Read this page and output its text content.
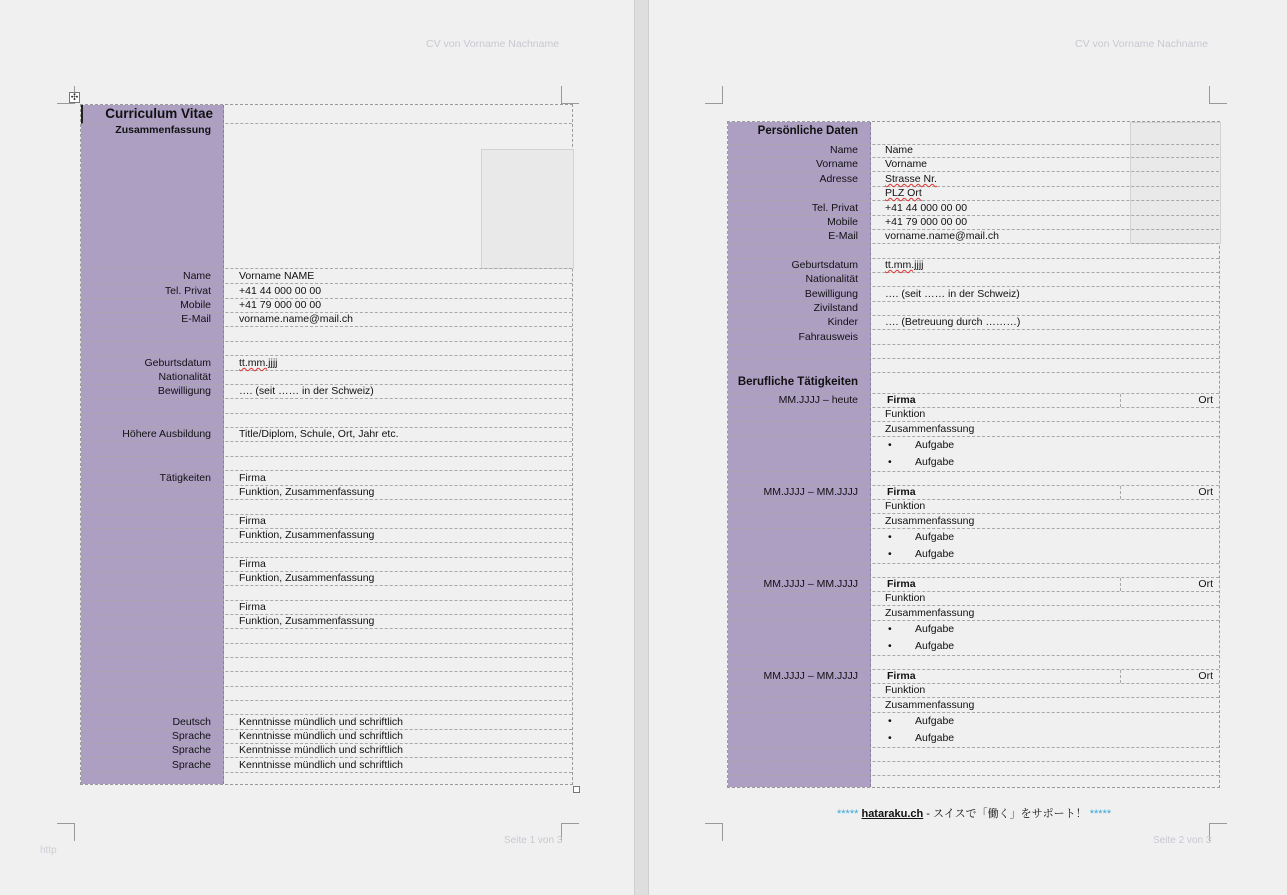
CV von Vorname Nachname
✣
Curriculum Vitae
Zusammenfassung
Name	Vorname NAME
Tel. Privat	+41 44 000 00 00
Mobile	+41 79 000 00 00
E-Mail	vorname.name@mail.ch
Geburtsdatum	tt.mm.jjjj
Nationalität
Bewilligung	…. (seit …… in der Schweiz)
Höhere Ausbildung	Title/Diplom, Schule, Ort, Jahr etc.
Tätigkeiten	Firma
Funktion, Zusammenfassung
Firma
Funktion, Zusammenfassung
Firma
Funktion, Zusammenfassung
Firma
Funktion, Zusammenfassung
Deutsch	Kenntnisse mündlich und schriftlich
Sprache	Kenntnisse mündlich und schriftlich
Sprache	Kenntnisse mündlich und schriftlich
Sprache	Kenntnisse mündlich und schriftlich
http
Seite 1 von 3
CV von Vorname Nachname
Persönliche Daten
Name	Name
Vorname	Vorname
Adresse	Strasse Nr.
PLZ Ort
Tel. Privat	+41 44 000 00 00
Mobile	+41 79 000 00 00
E-Mail	vorname.name@mail.ch
Geburtsdatum	tt.mm.jjjj
Nationalität
Bewilligung	…. (seit …… in der Schweiz)
Zivilstand
Kinder	…. (Betreuung durch ………)
Fahrausweis
Berufliche Tätigkeiten
MM.JJJJ – heute	Firma	Ort
Funktion
Zusammenfassung
• Aufgabe
• Aufgabe
MM.JJJJ – MM.JJJJ	Firma	Ort
Funktion
Zusammenfassung
• Aufgabe
• Aufgabe
MM.JJJJ – MM.JJJJ	Firma	Ort
Funktion
Zusammenfassung
• Aufgabe
• Aufgabe
MM.JJJJ – MM.JJJJ	Firma	Ort
Funktion
Zusammenfassung
• Aufgabe
• Aufgabe
***** hataraku.ch - スイスで「働く」をサポート！ *****
Seite 2 von 3
